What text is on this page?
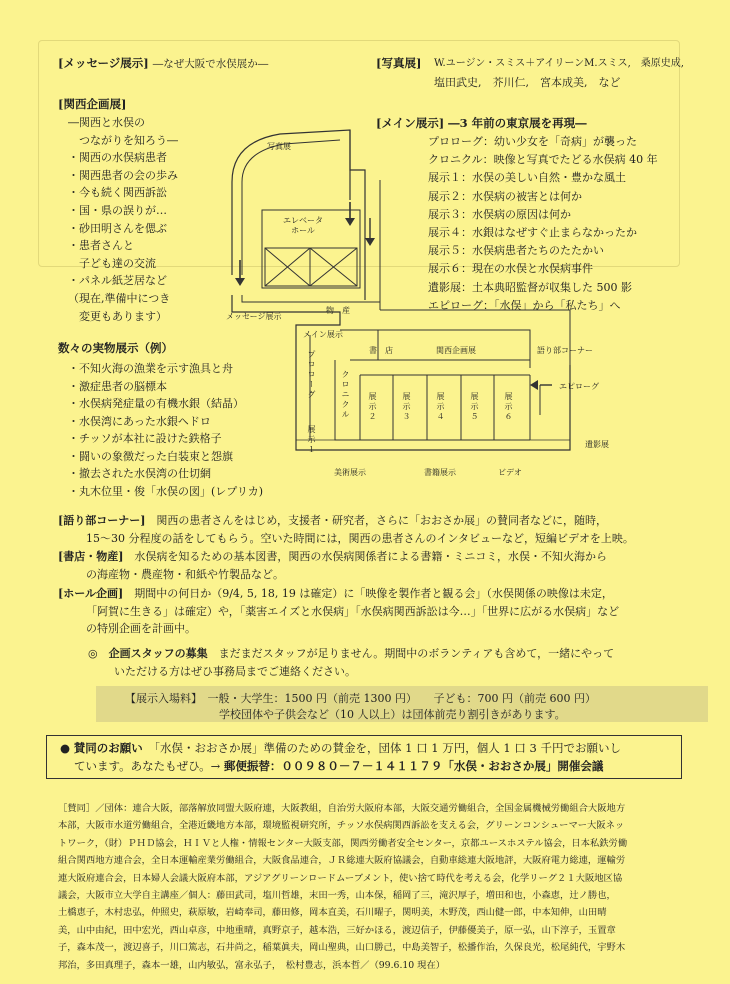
[メッセージ展示] ―なぜ大阪で水俣展か―
[関西企画展]
―関西と水俣の
　つながりを知ろう―
・関西の水俣病患者
・関西患者の会の歩み
・今も続く関西訴訟
・国・県の誤りが…
・砂田明さんを偲ぶ
・患者さんと
　子ども達の交流
・パネル紙芝居など
（現在,準備中につき
　変更もあります）
数々の実物展示（例）
・不知火海の漁業を示す漁具と舟
・激症患者の脳標本
・水俣病発症量の有機水銀（結晶）
・水俣湾にあった水銀ヘドロ
・チッソが本社に設けた鉄格子
・闘いの象徴だった白装束と怨旗
・撤去された水俣湾の仕切網
・丸木位里・俊「水俣の図」(レプリカ)
[写真展] W.ユージン・スミス＋アイリーンM.スミス,　桑原史成,
塩田武史,　芥川仁,　宮本成美,　など
[メイン展示] ―3 年前の東京展を再現―
プロローグ：幼い少女を「奇病」が襲った
クロニクル：映像と写真でたどる水俣病 40 年
展示１：水俣の美しい自然・豊かな風土
展示２：水俣病の被害とは何か
展示３：水俣病の原因は何か
展示４：水銀はなぜすぐ止まらなかったか
展示５：水俣病患者たちのたたかい
展示６：現在の水俣と水俣病事件
遺影展：土本典昭監督が収集した 500 影
エピローグ：「水俣」から「私たち」へ
写真展
エレベータ
ホール
メッセージ展示
物　産
メイン展示
書　店	関西企画展	語り部コーナー
プロローグ	クロニクル
展示１
展示２	展示３	展示４	展示５	展示６
エピローグ
遺影展
美術展示	書籍展示	ビデオ
[語り部コーナー]　 関西の患者さんをはじめ，支援者・研究者，さらに「おおさか展」の賛同者などに，随時，
15～30 分程度の話をしてもらう。空いた時間には，関西の患者さんのインタビューなど，短編ビデオを上映。
[書店・物産]　 水俣病を知るための基本図書，関西の水俣病関係者による書籍・ミニコミ，水俣・不知火海から
の海産物・農産物・和紙や竹製品など。
[ホール企画]　 期間中の何日か（9/4, 5, 18, 19 は確定）に「映像を製作者と観る会」（水俣関係の映像は未定，
「阿賀に生きる」は確定）や，「薬害エイズと水俣病」「水俣病関西訴訟は今…」「世界に広がる水俣病」など
の特別企画を計画中。
◎　企画スタッフの募集　 まだまだスタッフが足りません。期間中のボランティアも含めて，一緒にやって
いただける方はぜひ事務局までご連絡ください。
【展示入場料】　 一般・大学生：1500 円（前売 1300 円）　　子ども：700 円（前売 600 円）
学校団体や子供会など（10 人以上）は団体前売り割引きがあります。
● 賛同のお願い　 「水俣・おおさか展」準備のための賛金を，団体 1 口 1 万円，個人 1 口 3 千円でお願いし
ています。あなたもぜひ。→ 郵便振替：００９８０－７－１４１１７９「水俣・おおさか展」開催会議
［賛同］／団体：連合大阪，部落解放同盟大阪府連，大阪教組，自治労大阪府本部，大阪交通労働組合，全国金属機械労働組合大阪地方
本部，大阪市水道労働組合，全港近畿地方本部，環境監視研究所，チッソ水俣病関西訴訟を支える会，グリーンコンシューマー大阪ネッ
トワーク，（財）ＰＨＤ協会，ＨＩＶと人権・情報センター大阪支部，関西労働者安全センター，京都ユースホステル協会，日本私鉄労働
組合関西地方連合会，全日本運輸産業労働組合，大阪食品連合，ＪＲ総連大阪府協議会，自動車総連大阪地評，大阪府電力総連，運輸労
連大阪府連合会，日本婦人会議大阪府本部，アジアグリーンロードムーブメント，使い捨て時代を考える会，化学リーグ２１大阪地区協
議会，大阪市立大学自主講座／個人：藤田武司，塩川哲雄，末田一秀，山本保，稲岡了三，滝沢厚子，増田和也，小森恵，辻ノ勝也，
土橋恵子，木村忠弘，仲照史，萩原敏，岩崎奉司，藤田修，岡本直美，石川曜子，関明美，木野茂，西山健一郎，中本知伸，山田晴
美，山中由紀，田中宏光，西山卓彦，中地重晴，真野京子，越本浩，三好かほる，渡辺信子，伊藤優美子，原一弘，山下淳子，玉置章
子，森本茂一，渡辺喜子，川口篤志，石井尚之，稲葉眞夫，岡山聖典，山口勝己，中島美智子，松播作治，久保良光，松尾純代，宇野木
邦治，多田真理子，森本一雄，山内敏弘，富永弘子，　松村豊志，浜本哲／（99.6.10 現在）
